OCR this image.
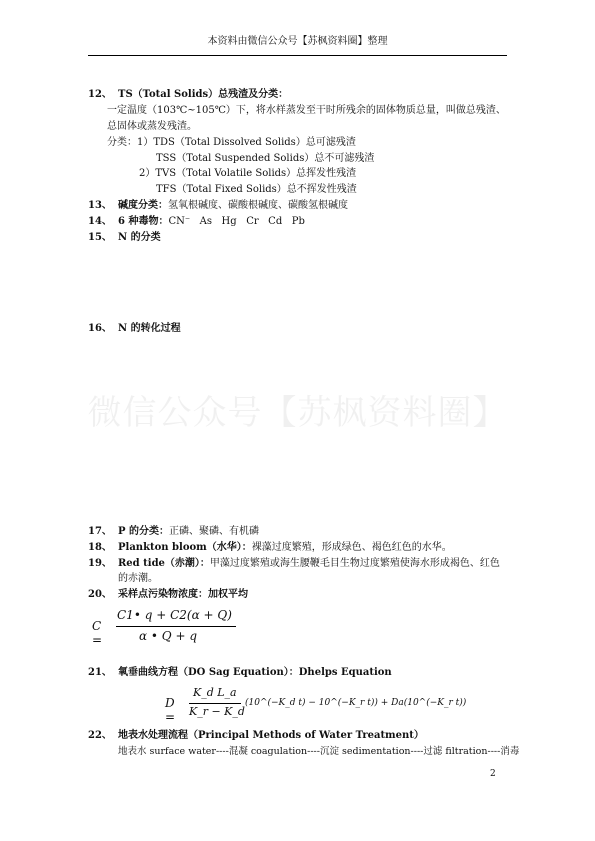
本资料由微信公众号【苏枫资料圈】整理
微信公众号【苏枫资料圈】
12、 TS（Total Solids）总残渣及分类：
一定温度（103℃~105℃）下，将水样蒸发至干时所残余的固体物质总量，叫做总残渣、
总固体或蒸发残渣。
分类：1）TDS（Total Dissolved Solids）总可滤残渣
TSS（Total Suspended Solids）总不可滤残渣
2）TVS（Total Volatile Solids）总挥发性残渣
TFS（Total Fixed Solids）总不挥发性残渣
13、 碱度分类：氢氧根碱度、碳酸根碱度、碳酸氢根碱度
14、 6 种毒物：CN⁻   As   Hg   Cr   Cd   Pb
15、 N 的分类
16、 N 的转化过程
17、 P 的分类：正磷、聚磷、有机磷
18、 Plankton bloom（水华）：裸藻过度繁殖，形成绿色、褐色红色的水华。
19、 Red tide（赤潮）：甲藻过度繁殖或海生腰鞭毛目生物过度繁殖使海水形成褐色、红色
的赤潮。
20、 采样点污染物浓度：加权平均
C =
C1• q + C2(α + Q)
α • Q + q
21、 氧垂曲线方程（DO Sag Equation）：Dhelps Equation
D =
K_d L_a
K_r − K_d
(10^(−K_d t) − 10^(−K_r t)) + Da(10^(−K_r t))
22、 地表水处理流程（Principal Methods of Water Treatment）
地表水 surface water----混凝 coagulation----沉淀 sedimentation----过滤 filtration----消毒
2
